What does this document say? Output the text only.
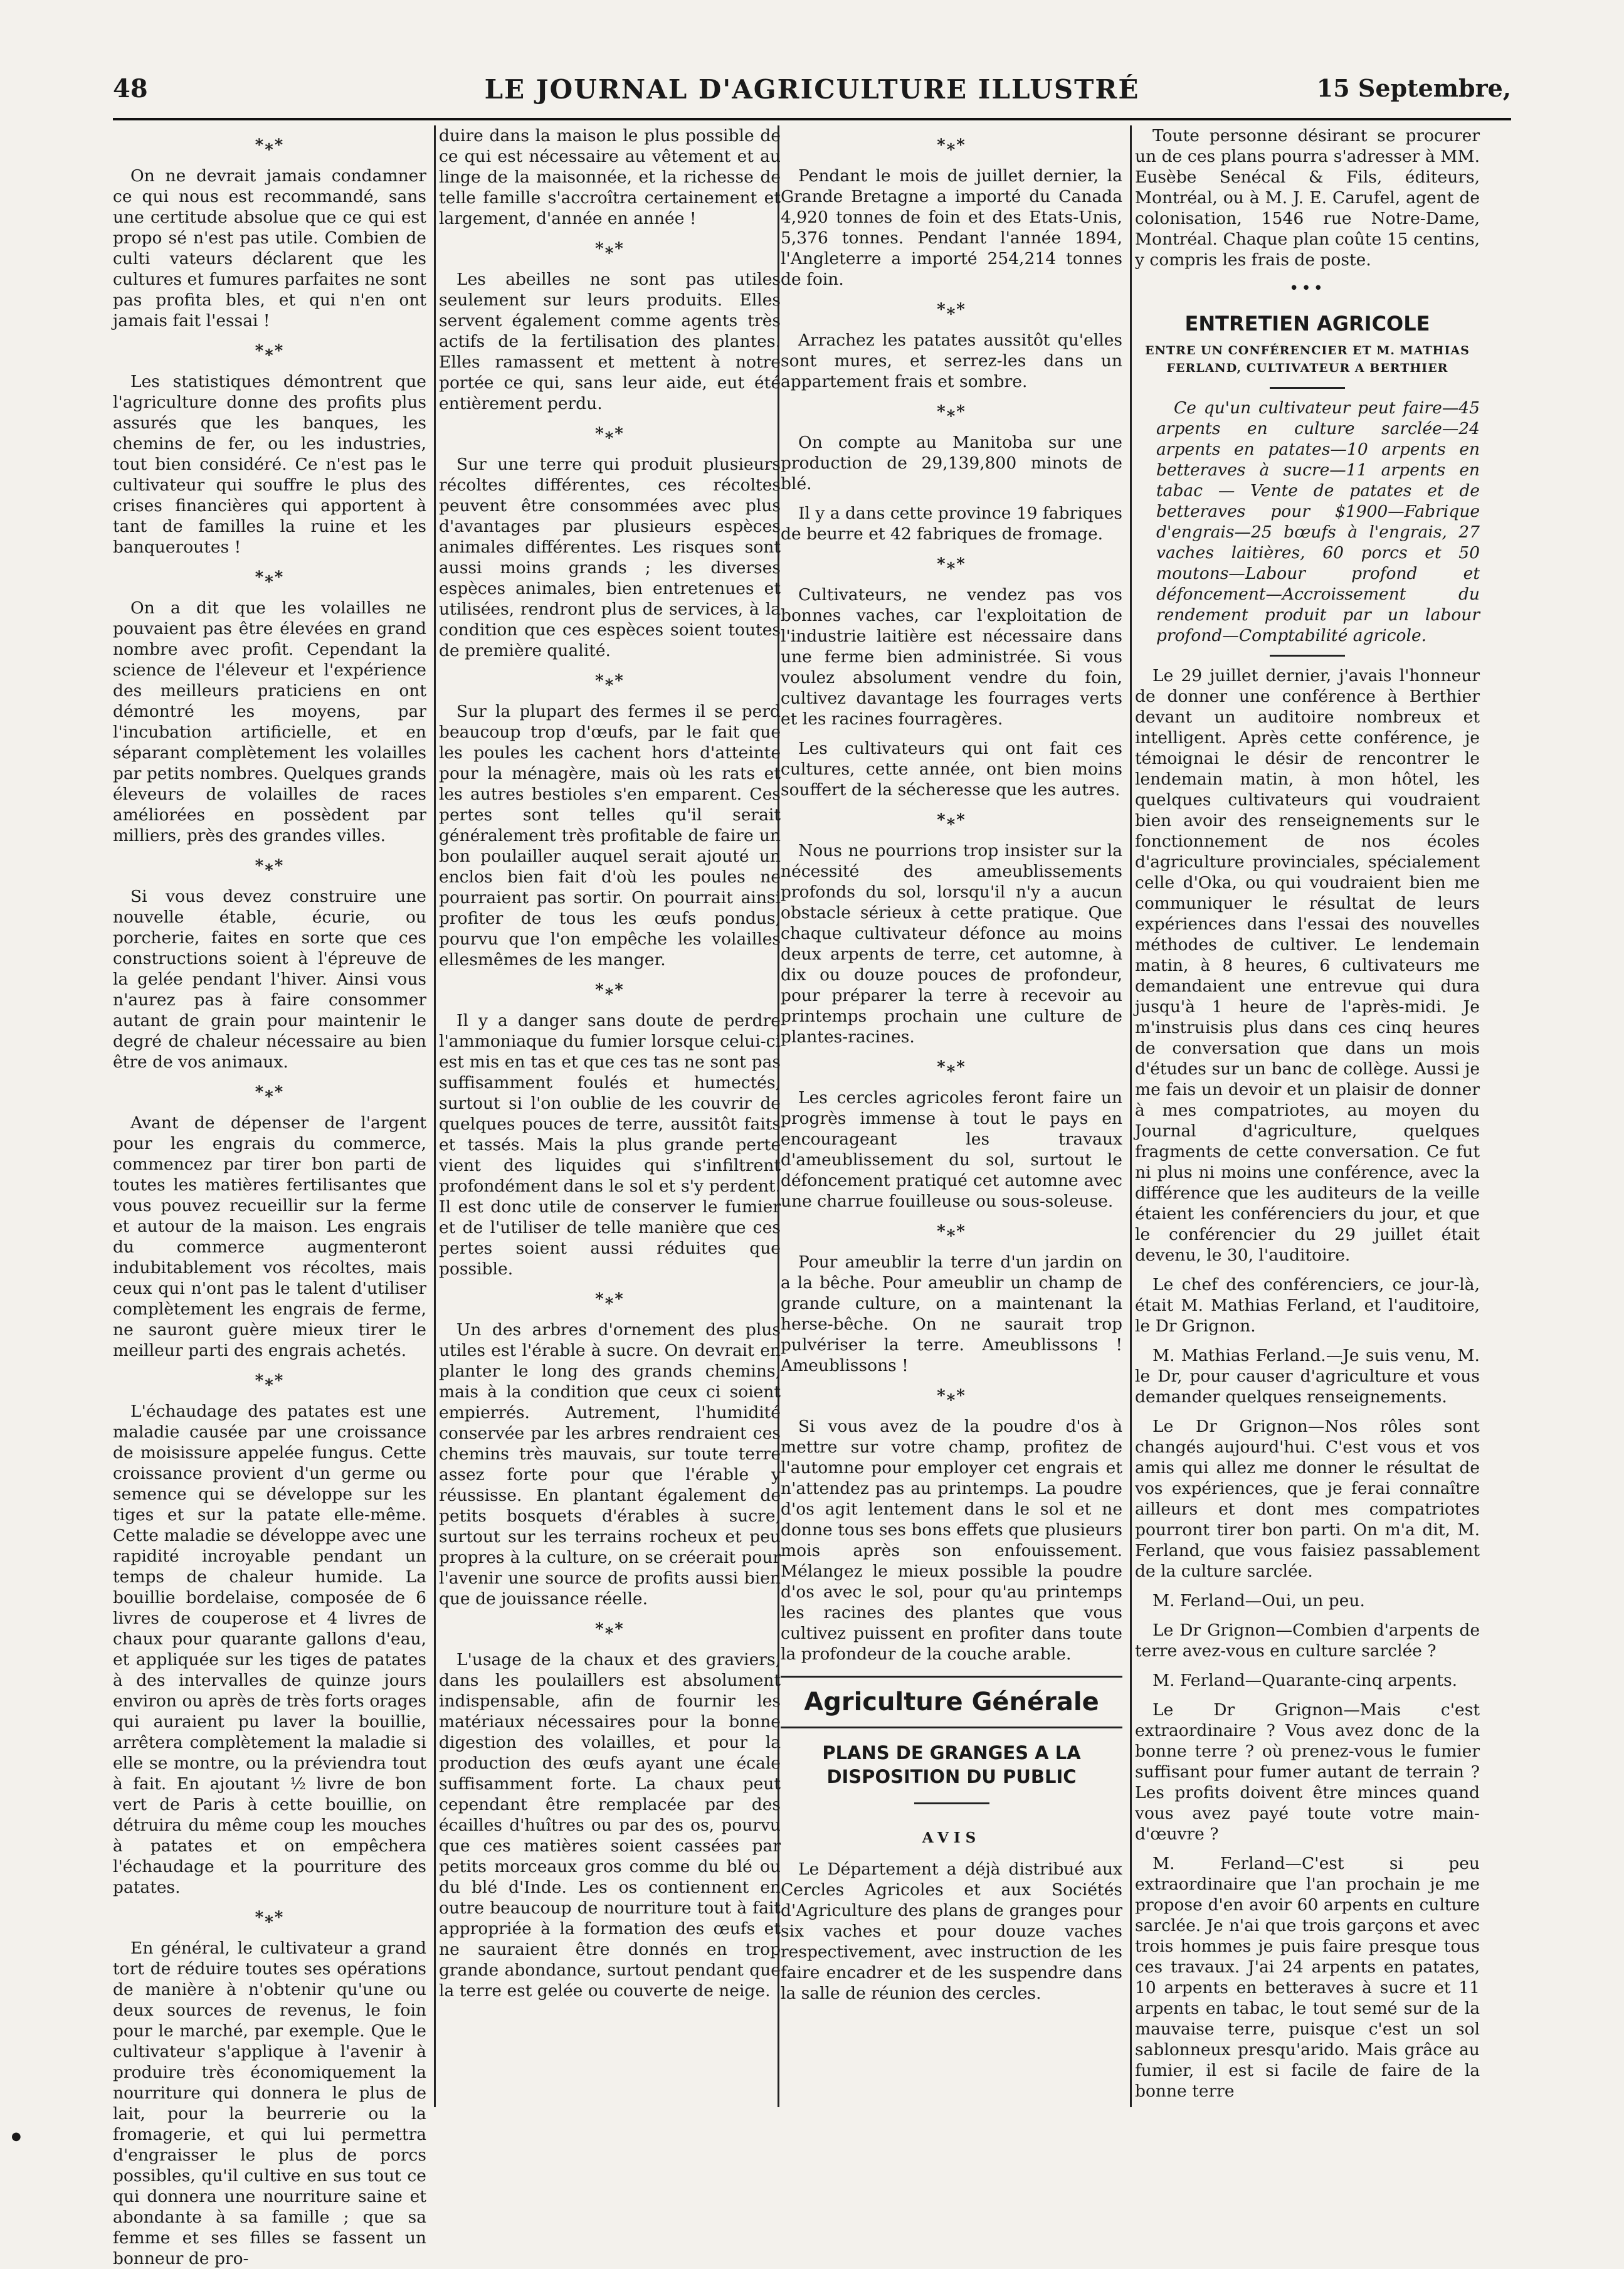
48	LE JOURNAL D'AGRICULTURE ILLUSTRÉ	15 Septembre,

*⁎*

On ne devrait jamais condamner ce qui nous est recommandé, sans une certitude absolue que ce qui est propo sé n'est pas utile. Combien de culti vateurs déclarent que les cultures et fumures parfaites ne sont pas profita bles, et qui n'en ont jamais fait l'essai !

*⁎*

Les statistiques démontrent que l'agriculture donne des profits plus assurés que les banques, les chemins de fer, ou les industries, tout bien considéré. Ce n'est pas le cultivateur qui souffre le plus des crises financières qui apportent à tant de familles la ruine et les banqueroutes !

*⁎*

On a dit que les volailles ne pouvaient pas être élevées en grand nombre avec profit. Cependant la science de l'éleveur et l'expérience des meilleurs praticiens en ont démontré les moyens, par l'incubation artificielle, et en séparant complètement les volailles par petits nombres. Quelques grands éleveurs de volailles de races améliorées en possèdent par milliers, près des grandes villes.

*⁎*

Si vous devez construire une nouvelle étable, écurie, ou porcherie, faites en sorte que ces constructions soient à l'épreuve de la gelée pendant l'hiver. Ainsi vous n'aurez pas à faire consommer autant de grain pour maintenir le degré de chaleur nécessaire au bien être de vos animaux.

*⁎*

Avant de dépenser de l'argent pour les engrais du commerce, commencez par tirer bon parti de toutes les matières fertilisantes que vous pouvez recueillir sur la ferme et autour de la maison. Les engrais du commerce augmenteront indubitablement vos récoltes, mais ceux qui n'ont pas le talent d'utiliser complètement les engrais de ferme, ne sauront guère mieux tirer le meilleur parti des engrais achetés.

*⁎*

L'échaudage des patates est une maladie causée par une croissance de moisissure appelée fungus. Cette croissance provient d'un germe ou semence qui se développe sur les tiges et sur la patate elle-même. Cette maladie se développe avec une rapidité incroyable pendant un temps de chaleur humide. La bouillie bordelaise, composée de 6 livres de couperose et 4 livres de chaux pour quarante gallons d'eau, et appliquée sur les tiges de patates à des intervalles de quinze jours environ ou après de très forts orages qui auraient pu laver la bouillie, arrêtera complètement la maladie si elle se montre, ou la préviendra tout à fait. En ajoutant ½ livre de bon vert de Paris à cette bouillie, on détruira du même coup les mouches à patates et on empêchera l'échaudage et la pourriture des patates.

*⁎*

En général, le cultivateur a grand tort de réduire toutes ses opérations de manière à n'obtenir qu'une ou deux sources de revenus, le foin pour le marché, par exemple. Que le cultivateur s'applique à l'avenir à produire très économiquement la nourriture qui donnera le plus de lait, pour la beurrerie ou la fromagerie, et qui lui permettra d'engraisser le plus de porcs possibles, qu'il cultive en sus tout ce qui donnera une nourriture saine et abondante à sa famille ; que sa femme et ses filles se fassent un bonneur de pro-

duire dans la maison le plus possible de ce qui est nécessaire au vêtement et au linge de la maisonnée, et la richesse de telle famille s'accroîtra certainement et largement, d'année en année !

*⁎*

Les abeilles ne sont pas utiles seulement sur leurs produits. Elles servent également comme agents très actifs de la fertilisation des plantes. Elles ramassent et mettent à notre portée ce qui, sans leur aide, eut été entièrement perdu.

*⁎*

Sur une terre qui produit plusieurs récoltes différentes, ces récoltes peuvent être consommées avec plus d'avantages par plusieurs espèces animales différentes. Les risques sont aussi moins grands ; les diverses espèces animales, bien entretenues et utilisées, rendront plus de services, à la condition que ces espèces soient toutes de première qualité.

*⁎*

Sur la plupart des fermes il se perd beaucoup trop d'œufs, par le fait que les poules les cachent hors d'atteinte pour la ménagère, mais où les rats et les autres bestioles s'en emparent. Ces pertes sont telles qu'il serait généralement très profitable de faire un bon poulailler auquel serait ajouté un enclos bien fait d'où les poules ne pourraient pas sortir. On pourrait ainsi profiter de tous les œufs pondus, pourvu que l'on empêche les volailles ellesmêmes de les manger.

*⁎*

Il y a danger sans doute de perdre l'ammoniaque du fumier lorsque celui-ci est mis en tas et que ces tas ne sont pas suffisamment foulés et humectés, surtout si l'on oublie de les couvrir de quelques pouces de terre, aussitôt faits et tassés. Mais la plus grande perte vient des liquides qui s'infiltrent profondément dans le sol et s'y perdent. Il est donc utile de conserver le fumier et de l'utiliser de telle manière que ces pertes soient aussi réduites que possible.

*⁎*

Un des arbres d'ornement des plus utiles est l'érable à sucre. On devrait en planter le long des grands chemins, mais à la condition que ceux ci soient empierrés. Autrement, l'humidité conservée par les arbres rendraient ces chemins très mauvais, sur toute terre assez forte pour que l'érable y réussisse. En plantant également de petits bosquets d'érables à sucre, surtout sur les terrains rocheux et peu propres à la culture, on se créerait pour l'avenir une source de profits aussi bien que de jouissance réelle.

*⁎*

L'usage de la chaux et des graviers, dans les poulaillers est absolument indispensable, afin de fournir les matériaux nécessaires pour la bonne digestion des volailles, et pour la production des œufs ayant une écale suffisamment forte. La chaux peut cependant être remplacée par des écailles d'huîtres ou par des os, pourvu que ces matières soient cassées par petits morceaux gros comme du blé ou du blé d'Inde. Les os contiennent en outre beaucoup de nourriture tout à fait appropriée à la formation des œufs et ne sauraient être donnés en trop grande abondance, surtout pendant que la terre est gelée ou couverte de neige.

*⁎*

Pendant le mois de juillet dernier, la Grande Bretagne a importé du Canada 4,920 tonnes de foin et des Etats-Unis, 5,376 tonnes. Pendant l'année 1894, l'Angleterre a importé 254,214 tonnes de foin.

*⁎*

Arrachez les patates aussitôt qu'elles sont mures, et serrez-les dans un appartement frais et sombre.

*⁎*

On compte au Manitoba sur une production de 29,139,800 minots de blé.

Il y a dans cette province 19 fabriques de beurre et 42 fabriques de fromage.

*⁎*

Cultivateurs, ne vendez pas vos bonnes vaches, car l'exploitation de l'industrie laitière est nécessaire dans une ferme bien administrée. Si vous voulez absolument vendre du foin, cultivez davantage les fourrages verts et les racines fourragères.

Les cultivateurs qui ont fait ces cultures, cette année, ont bien moins souffert de la sécheresse que les autres.

*⁎*

Nous ne pourrions trop insister sur la nécessité des ameublissements profonds du sol, lorsqu'il n'y a aucun obstacle sérieux à cette pratique. Que chaque cultivateur défonce au moins deux arpents de terre, cet automne, à dix ou douze pouces de profondeur, pour préparer la terre à recevoir au printemps prochain une culture de plantes-racines.

*⁎*

Les cercles agricoles feront faire un progrès immense à tout le pays en encourageant les travaux d'ameublissement du sol, surtout le défoncement pratiqué cet automne avec une charrue fouilleuse ou sous-soleuse.

*⁎*

Pour ameublir la terre d'un jardin on a la bêche. Pour ameublir un champ de grande culture, on a maintenant la herse-bêche. On ne saurait trop pulvériser la terre. Ameublissons ! Ameublissons !

*⁎*

Si vous avez de la poudre d'os à mettre sur votre champ, profitez de l'automne pour employer cet engrais et n'attendez pas au printemps. La poudre d'os agit lentement dans le sol et ne donne tous ses bons effets que plusieurs mois après son enfouissement. Mélangez le mieux possible la poudre d'os avec le sol, pour qu'au printemps les racines des plantes que vous cultivez puissent en profiter dans toute la profondeur de la couche arable.

Agriculture Générale
PLANS DE GRANGES A LA DISPOSITION DU PUBLIC
AVIS

Le Département a déjà distribué aux Cercles Agricoles et aux Sociétés d'Agriculture des plans de granges pour six vaches et pour douze vaches respectivement, avec instruction de les faire encadrer et de les suspendre dans la salle de réunion des cercles.

Toute personne désirant se procurer un de ces plans pourra s'adresser à MM. Eusèbe Senécal & Fils, éditeurs, Montréal, ou à M. J. E. Carufel, agent de colonisation, 1546 rue Notre-Dame, Montréal. Chaque plan coûte 15 centins, y compris les frais de poste.

•••
ENTRETIEN AGRICOLE
ENTRE UN CONFÉRENCIER ET M. MATHIAS FERLAND, CULTIVATEUR A BERTHIER

Ce qu'un cultivateur peut faire—45 arpents en culture sarclée—24 arpents en patates—10 arpents en betteraves à sucre—11 arpents en tabac — Vente de patates et de betteraves pour $1900—Fabrique d'engrais—25 bœufs à l'engrais, 27 vaches laitières, 60 porcs et 50 moutons—Labour profond et défoncement—Accroissement du rendement produit par un labour profond—Comptabilité agricole.

Le 29 juillet dernier, j'avais l'honneur de donner une conférence à Berthier devant un auditoire nombreux et intelligent. Après cette conférence, je témoignai le désir de rencontrer le lendemain matin, à mon hôtel, les quelques cultivateurs qui voudraient bien avoir des renseignements sur le fonctionnement de nos écoles d'agriculture provinciales, spécialement celle d'Oka, ou qui voudraient bien me communiquer le résultat de leurs expériences dans l'essai des nouvelles méthodes de cultiver. Le lendemain matin, à 8 heures, 6 cultivateurs me demandaient une entrevue qui dura jusqu'à 1 heure de l'après-midi. Je m'instruisis plus dans ces cinq heures de conversation que dans un mois d'études sur un banc de collège. Aussi je me fais un devoir et un plaisir de donner à mes compatriotes, au moyen du Journal d'agriculture, quelques fragments de cette conversation. Ce fut ni plus ni moins une conférence, avec la différence que les auditeurs de la veille étaient les conférenciers du jour, et que le conférencier du 29 juillet était devenu, le 30, l'auditoire.

Le chef des conférenciers, ce jour-là, était M. Mathias Ferland, et l'auditoire, le Dr Grignon.

M. Mathias Ferland.—Je suis venu, M. le Dr, pour causer d'agriculture et vous demander quelques renseignements.

Le Dr Grignon—Nos rôles sont changés aujourd'hui. C'est vous et vos amis qui allez me donner le résultat de vos expériences, que je ferai connaître ailleurs et dont mes compatriotes pourront tirer bon parti. On m'a dit, M. Ferland, que vous faisiez passablement de la culture sarclée.

M. Ferland—Oui, un peu.

Le Dr Grignon—Combien d'arpents de terre avez-vous en culture sarclée ?

M. Ferland—Quarante-cinq arpents.

Le Dr Grignon—Mais c'est extraordinaire ? Vous avez donc de la bonne terre ? où prenez-vous le fumier suffisant pour fumer autant de terrain ? Les profits doivent être minces quand vous avez payé toute votre main-d'œuvre ?

M. Ferland—C'est si peu extraordinaire que l'an prochain je me propose d'en avoir 60 arpents en culture sarclée. Je n'ai que trois garçons et avec trois hommes je puis faire presque tous ces travaux. J'ai 24 arpents en patates, 10 arpents en betteraves à sucre et 11 arpents en tabac, le tout semé sur de la mauvaise terre, puisque c'est un sol sablonneux presqu'arido. Mais grâce au fumier, il est si facile de faire de la bonne terre

●
